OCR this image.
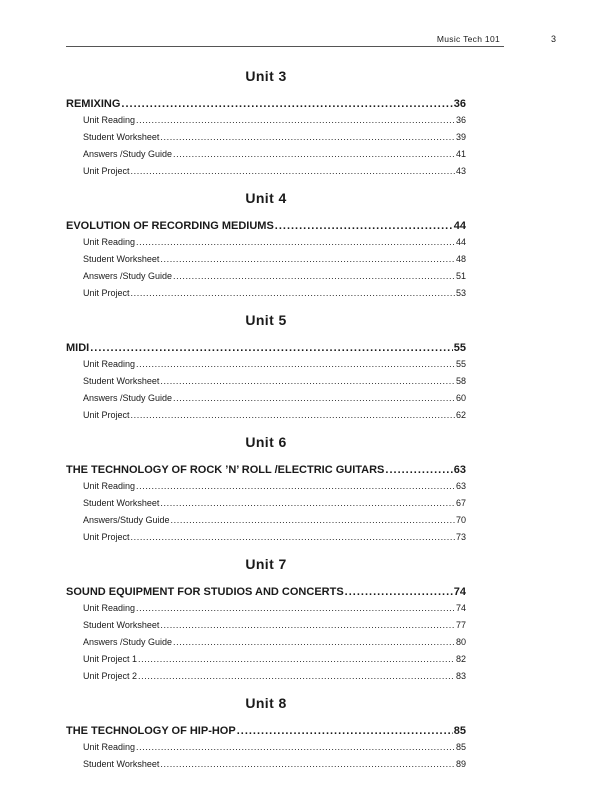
Music Tech 101	3
Unit 3
REMIXING .....	36
Unit Reading .....	36
Student Worksheet .....	39
Answers /Study Guide .....	41
Unit Project .....	43
Unit 4
EVOLUTION OF RECORDING MEDIUMS .....	44
Unit Reading .....	44
Student Worksheet .....	48
Answers /Study Guide .....	51
Unit Project .....	53
Unit 5
MIDI .....	55
Unit Reading .....	55
Student Worksheet .....	58
Answers /Study Guide .....	60
Unit Project .....	62
Unit 6
THE TECHNOLOGY OF ROCK ’N’ ROLL /ELECTRIC GUITARS .....	63
Unit Reading .....	63
Student Worksheet .....	67
Answers/Study Guide .....	70
Unit Project .....	73
Unit 7
SOUND EQUIPMENT FOR STUDIOS AND CONCERTS .....	74
Unit Reading .....	74
Student Worksheet .....	77
Answers /Study Guide .....	80
Unit Project 1 .....	82
Unit Project 2 .....	83
Unit 8
THE TECHNOLOGY OF HIP-HOP .....	85
Unit Reading .....	85
Student Worksheet .....	89
